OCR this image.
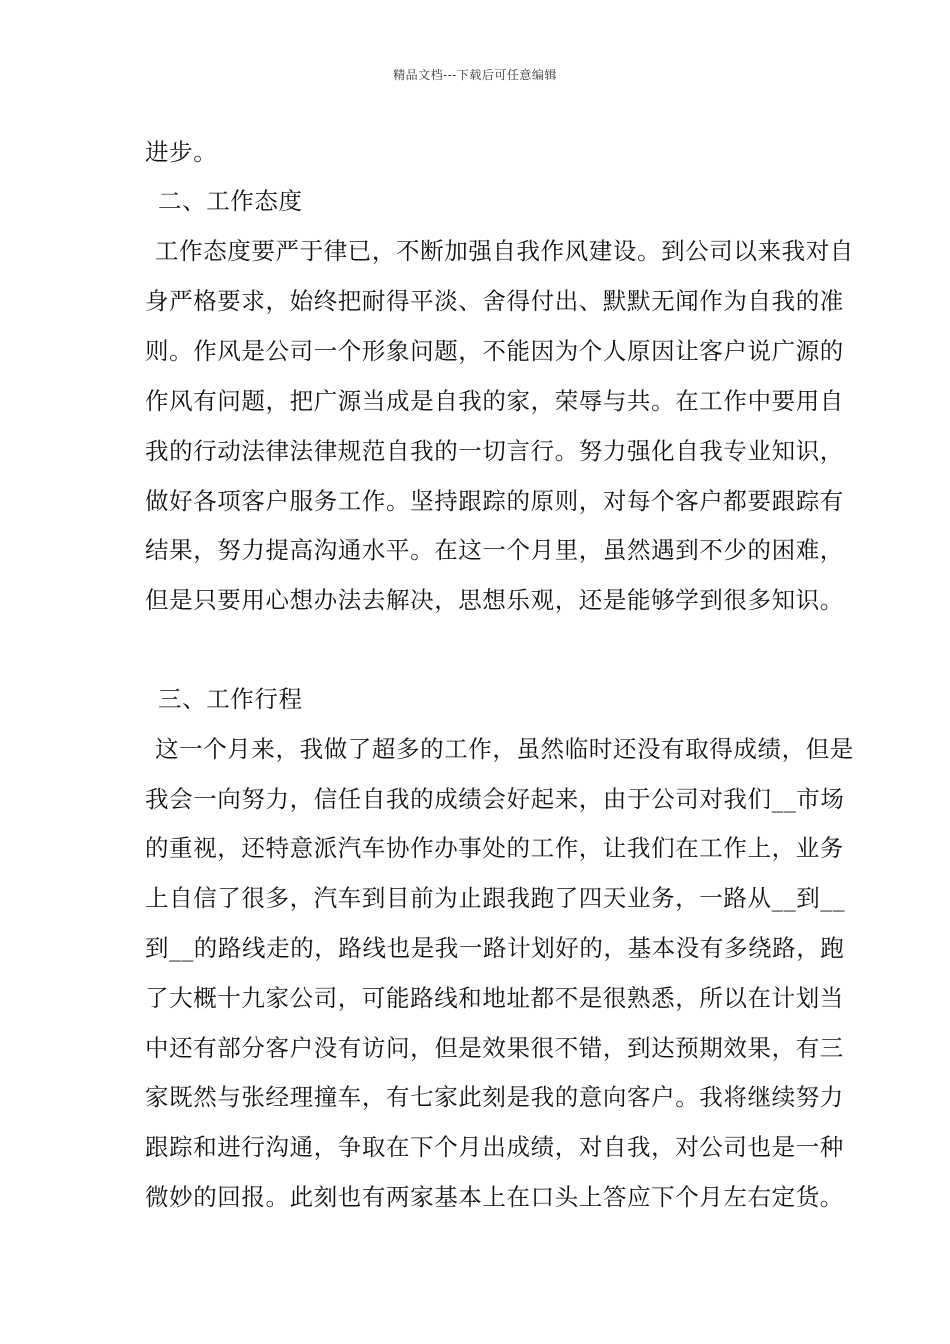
精品文档---下载后可任意编辑
进步。
二、工作态度
工作态度要严于律已，不断加强自我作风建设。到公司以来我对自
身严格要求，始终把耐得平淡、舍得付出、默默无闻作为自我的准
则。作风是公司一个形象问题，不能因为个人原因让客户说广源的
作风有问题，把广源当成是自我的家，荣辱与共。在工作中要用自
我的行动法律法律规范自我的一切言行。努力强化自我专业知识，
做好各项客户服务工作。坚持跟踪的原则，对每个客户都要跟踪有
结果，努力提高沟通水平。在这一个月里，虽然遇到不少的困难，
但是只要用心想办法去解决，思想乐观，还是能够学到很多知识。
三、工作行程
这一个月来，我做了超多的工作，虽然临时还没有取得成绩，但是
我会一向努力，信任自我的成绩会好起来，由于公司对我们__市场
的重视，还特意派汽车协作办事处的工作，让我们在工作上，业务
上自信了很多，汽车到目前为止跟我跑了四天业务，一路从__到__
到__的路线走的，路线也是我一路计划好的，基本没有多绕路，跑
了大概十九家公司，可能路线和地址都不是很熟悉，所以在计划当
中还有部分客户没有访问，但是效果很不错，到达预期效果，有三
家既然与张经理撞车，有七家此刻是我的意向客户。我将继续努力
跟踪和进行沟通，争取在下个月出成绩，对自我，对公司也是一种
微妙的回报。此刻也有两家基本上在口头上答应下个月左右定货。
